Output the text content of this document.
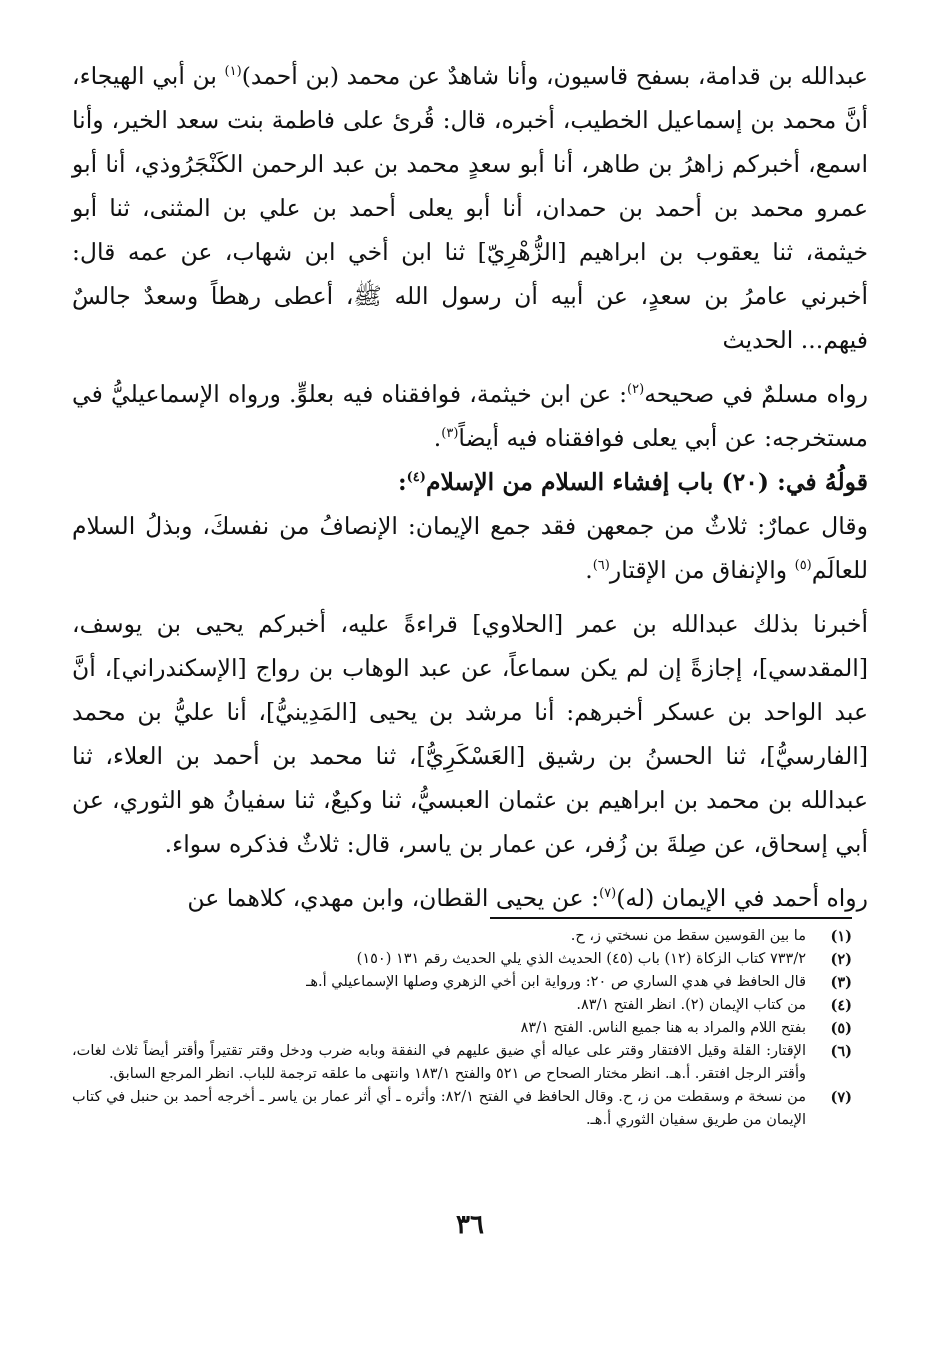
عبدالله بن قدامة، بسفح قاسيون، وأنا شاهدٌ عن محمد (بن أحمد)$^{(١)}$ بن أبي الهيجاء، أنَّ محمد بن إسماعيل الخطيب، أخبره، قال: قُرئ على فاطمة بنت سعد الخير، وأنا اسمع، أخبركم زاهرُ بن طاهر، أنا أبو سعدٍ محمد بن عبد الرحمن الكَنْجَرُوذي، أنا أبو عمرو محمد بن أحمد بن حمدان، أنا أبو يعلى أحمد بن علي بن المثنى، ثنا أبو خيثمة، ثنا يعقوب بن ابراهيم [الزُّهْرِيّ] ثنا ابن أخي ابن شهاب، عن عمه قال: أخبرني عامرُ بن سعدٍ، عن أبيه أن رسول الله ﷺ، أعطى رهطاً وسعدٌ جالسٌ فيهم... الحديث

رواه مسلمٌ في صحيحه$^{(٢)}$: عن ابن خيثمة، فوافقناه فيه بعلوٍّ. ورواه الإسماعيليُّ في مستخرجه: عن أبي يعلى فوافقناه فيه أيضاً$^{(٣)}$.

قولُهُ في: (٢٠) باب إفشاء السلام من الإسلام$^{(٤)}$:

وقال عمارٌ: ثلاثٌ من جمعهن فقد جمع الإيمان: الإنصافُ من نفسكَ، وبذلُ السلام للعالَم$^{(٥)}$ والإنفاق من الإقتار$^{(٦)}$.

أخبرنا بذلك عبدالله بن عمر [الحلاوي] قراءةً عليه، أخبركم يحيى بن يوسف، [المقدسي]، إجازةً إن لم يكن سماعاً، عن عبد الوهاب بن رواج [الإسكندراني]، أنَّ عبد الواحد بن عسكر أخبرهم: أنا مرشد بن يحيى [المَدِينيُّ]، أنا عليُّ بن محمد [الفارسيُّ]، ثنا الحسنُ بن رشيق [العَسْكَرِيُّ]، ثنا محمد بن أحمد بن العلاء، ثنا عبدالله بن محمد بن ابراهيم بن عثمان العبسيُّ، ثنا وكيعٌ، ثنا سفيانُ هو الثوري، عن أبي إسحاق، عن صِلةَ بن زُفر، عن عمار بن ياسر، قال: ثلاثٌ فذكره سواء.

رواه أحمد في الإيمان (له)$^{(٧)}$: عن يحيى القطان، وابن مهدي، كلاهما عن

(١)
ما بين القوسين سقط من نسختي ز، ح.

(٢)
٧٣٣/٢ كتاب الزكاة (١٢) باب (٤٥) الحديث الذي يلي الحديث رقم ١٣١ (١٥٠)

(٣)
قال الحافظ في هدي الساري ص ٢٠: ورواية ابن أخي الزهري وصلها الإسماعيلي أ.هـ

(٤)
من كتاب الإيمان (٢). انظر الفتح ٨٣/١.

(٥)
بفتح اللام والمراد به هنا جميع الناس. الفتح ٨٣/١

(٦)
الإقتار: القلة وقيل الافتقار وقتر على عياله أي ضيق عليهم في النفقة وبابه ضرب ودخل وقتر تقتيراً وأقتر أيضاً ثلاث لغات، وأقتر الرجل افتقر. أ.هـ. انظر مختار الصحاح ص ٥٢١ والفتح ١٨٣/١ وانتهى ما علقه ترجمة للباب. انظر المرجع السابق.

(٧)
من نسخة م وسقطت من ز، ح. وقال الحافظ في الفتح ٨٢/١: وأثره ـ أي أثر عمار بن ياسر ـ أخرجه أحمد بن حنبل في كتاب الإيمان من طريق سفيان الثوري أ.هـ.

٣٦
